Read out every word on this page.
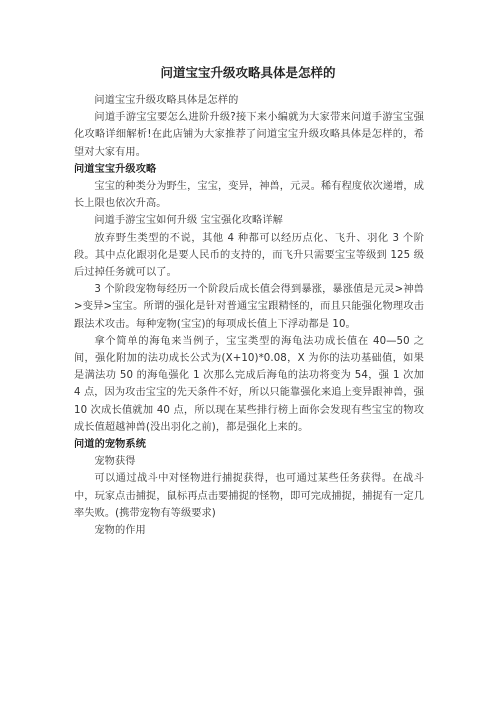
问道宝宝升级攻略具体是怎样的

问道宝宝升级攻略具体是怎样的

问道手游宝宝要怎么进阶升级?接下来小编就为大家带来问道手游宝宝强化攻略详细解析!在此店铺为大家推荐了问道宝宝升级攻略具体是怎样的，希望对大家有用。

问道宝宝升级攻略

宝宝的种类分为野生，宝宝，变异，神兽，元灵。稀有程度依次递增，成长上限也依次升高。

问道手游宝宝如何升级 宝宝强化攻略详解

放弃野生类型的不说，其他 4 种都可以经历点化、飞升、羽化 3 个阶段。其中点化跟羽化是要人民币的支持的，而飞升只需要宝宝等级到 125 级后过掉任务就可以了。

3 个阶段宠物每经历一个阶段后成长值会得到暴涨，暴涨值是元灵>神兽>变异>宝宝。所谓的强化是针对普通宝宝跟精怪的，而且只能强化物理攻击跟法术攻击。每种宠物(宝宝)的每项成长值上下浮动都是 10。

拿个简单的海龟来当例子，宝宝类型的海龟法功成长值在 40—50 之间，强化附加的法功成长公式为(X+10)*0.08，X 为你的法功基础值，如果是满法功 50 的海龟强化 1 次那么完成后海龟的法功将变为 54，强 1 次加 4 点，因为攻击宝宝的先天条件不好，所以只能靠强化来追上变异跟神兽，强 10 次成长值就加 40 点，所以现在某些排行榜上面你会发现有些宝宝的物攻成长值超越神兽(没出羽化之前)，都是强化上来的。

问道的宠物系统

宠物获得

可以通过战斗中对怪物进行捕捉获得，也可通过某些任务获得。在战斗中，玩家点击捕捉，鼠标再点击要捕捉的怪物，即可完成捕捉，捕捉有一定几率失败。(携带宠物有等级要求)

宠物的作用
